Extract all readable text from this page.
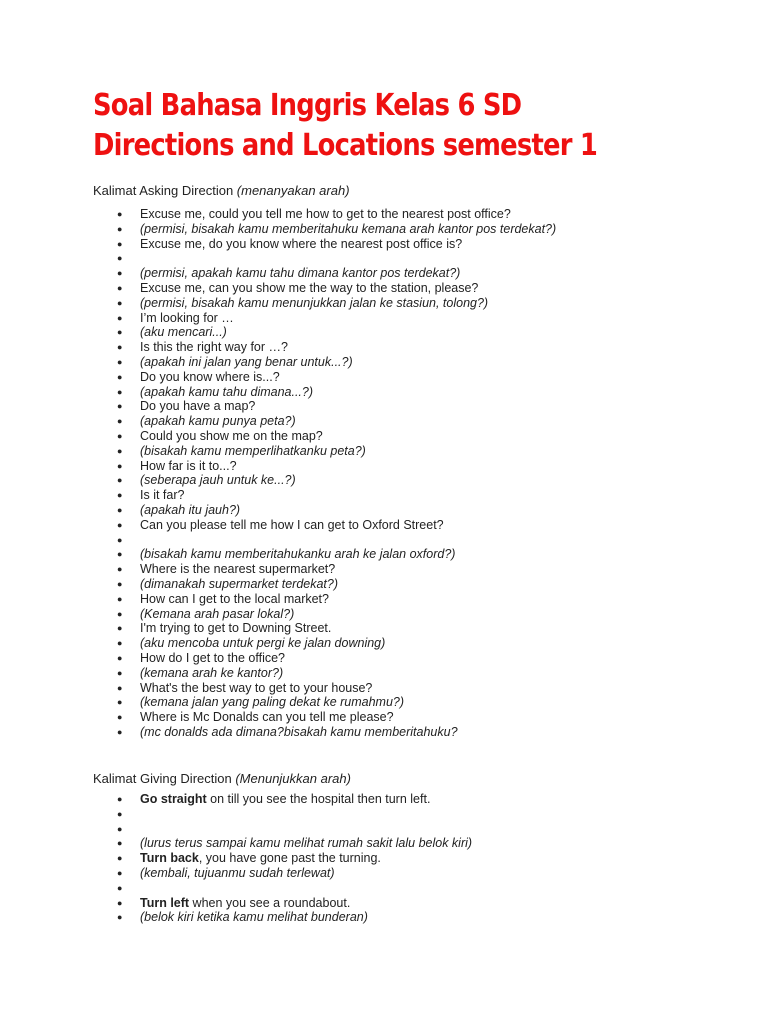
Soal Bahasa Inggris Kelas 6 SD Directions and Locations semester 1

Kalimat Asking Direction (menanyakan arah)

● Excuse me, could you tell me how to get to the nearest post office?
● (permisi, bisakah kamu memberitahuku kemana arah kantor pos terdekat?)
● Excuse me, do you know where the nearest post office is?
●
● (permisi, apakah kamu tahu dimana kantor pos terdekat?)
● Excuse me, can you show me the way to the station, please?
● (permisi, bisakah kamu menunjukkan jalan ke stasiun, tolong?)
● I’m looking for …
● (aku mencari...)
● Is this the right way for …?
● (apakah ini jalan yang benar untuk...?)
● Do you know where is...?
● (apakah kamu tahu dimana...?)
● Do you have a map?
● (apakah kamu punya peta?)
● Could you show me on the map?
● (bisakah kamu memperlihatkanku peta?)
● How far is it to...?
● (seberapa jauh untuk ke...?)
● Is it far?
● (apakah itu jauh?)
● Can you please tell me how I can get to Oxford Street?
●
● (bisakah kamu memberitahukanku arah ke jalan oxford?)
● Where is the nearest supermarket?
● (dimanakah supermarket terdekat?)
● How can I get to the local market?
● (Kemana arah pasar lokal?)
● I'm trying to get to Downing Street.
● (aku mencoba untuk pergi ke jalan downing)
● How do I get to the office?
● (kemana arah ke kantor?)
● What's the best way to get to your house?
● (kemana jalan yang paling dekat ke rumahmu?)
● Where is Mc Donalds can you tell me please?
● (mc donalds ada dimana?bisakah kamu memberitahuku?

Kalimat Giving Direction (Menunjukkan arah)

● Go straight on till you see the hospital then turn left.
●
●
● (lurus terus sampai kamu melihat rumah sakit lalu belok kiri)
● Turn back, you have gone past the turning.
● (kembali, tujuanmu sudah terlewat)
●
● Turn left when you see a roundabout.
● (belok kiri ketika kamu melihat bunderan)
